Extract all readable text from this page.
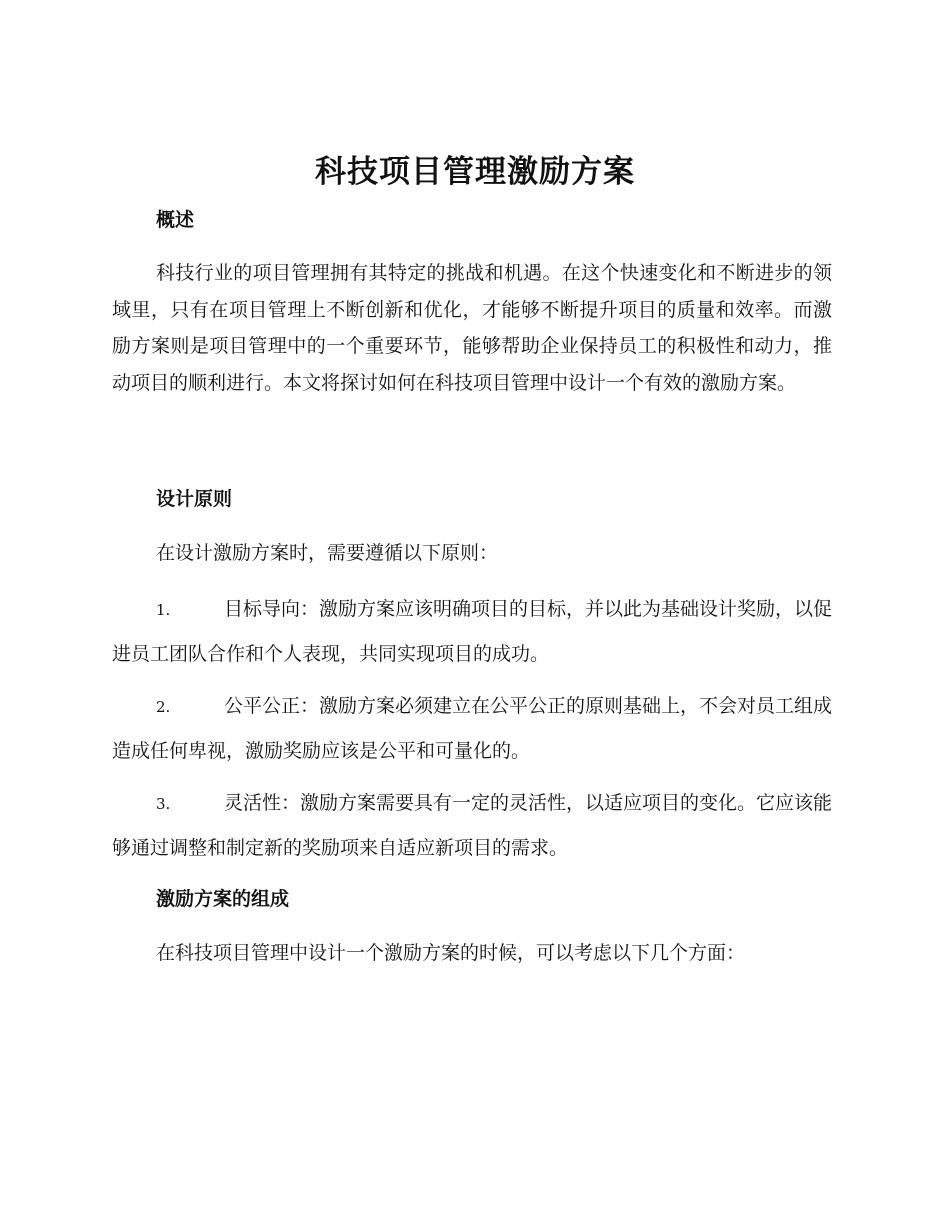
科技项目管理激励方案
概述

科技行业的项目管理拥有其特定的挑战和机遇。在这个快速变化和不断进步的领域里，只有在项目管理上不断创新和优化，才能够不断提升项目的质量和效率。而激励方案则是项目管理中的一个重要环节，能够帮助企业保持员工的积极性和动力，推动项目的顺利进行。本文将探讨如何在科技项目管理中设计一个有效的激励方案。

设计原则

在设计激励方案时，需要遵循以下原则：

1.	目标导向：激励方案应该明确项目的目标，并以此为基础设计奖励，以促进员工团队合作和个人表现，共同实现项目的成功。

2.	公平公正：激励方案必须建立在公平公正的原则基础上，不会对员工组成造成任何卑视，激励奖励应该是公平和可量化的。

3.	灵活性：激励方案需要具有一定的灵活性，以适应项目的变化。它应该能够通过调整和制定新的奖励项来自适应新项目的需求。

激励方案的组成

在科技项目管理中设计一个激励方案的时候，可以考虑以下几个方面：
